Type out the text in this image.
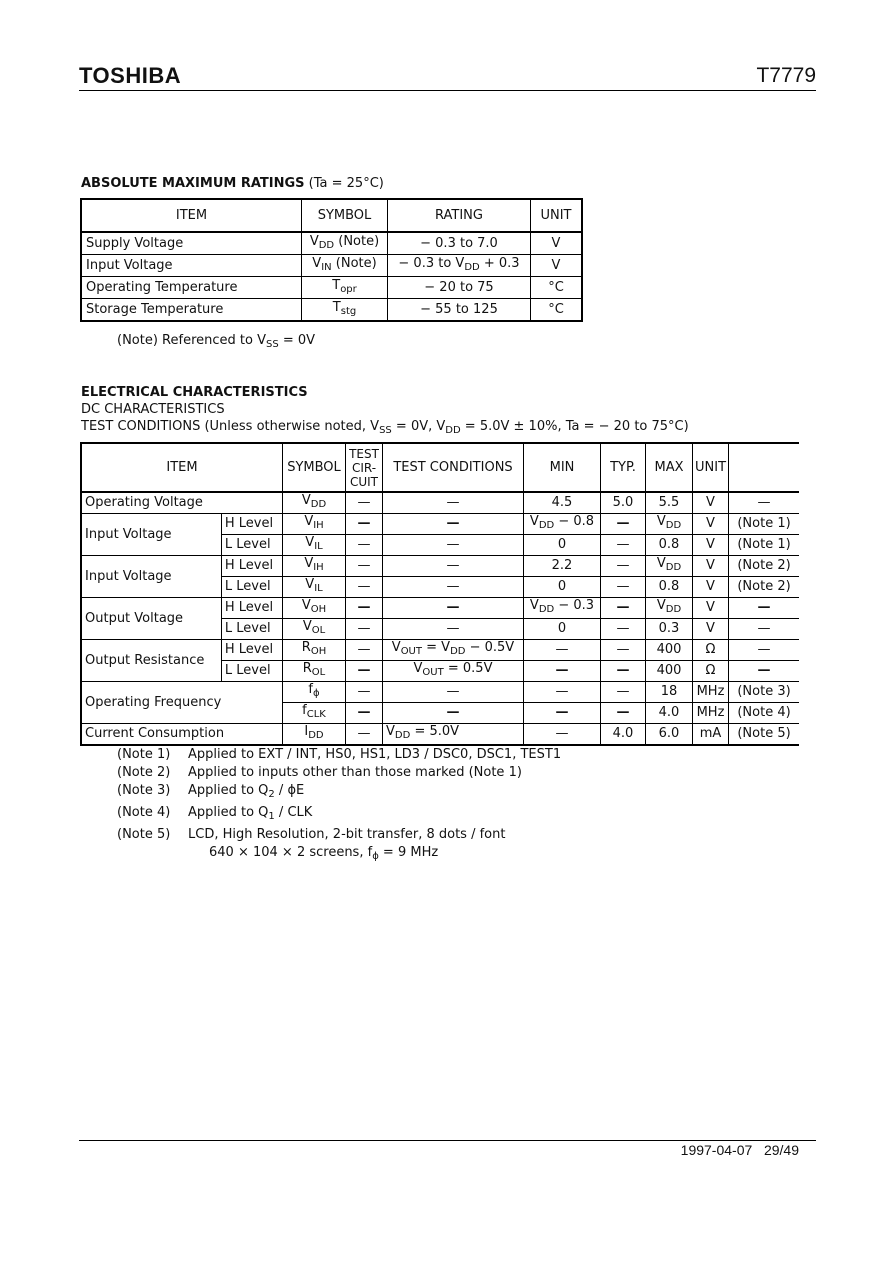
TOSHIBA	T7779
ABSOLUTE MAXIMUM RATINGS (Ta = 25°C)
ITEM	SYMBOL	RATING	UNIT
Supply Voltage	$V_{DD}$ (Note)	− 0.3 to 7.0	V
Input Voltage	$V_{IN}$ (Note)	− 0.3 to $V_{DD} + 0.3$	V
Operating Temperature	$T_{opr}$	− 20 to 75	°C
Storage Temperature	$T_{stg}$	− 55 to 125	°C
(Note) Referenced to $V_{SS} = 0V$
ELECTRICAL CHARACTERISTICS
DC CHARACTERISTICS
TEST CONDITIONS (Unless otherwise noted, $V_{SS} = 0V$, $V_{DD} = 5.0V \pm 10\%$, Ta = − 20 to 75°C)
ITEM		SYMBOL	TEST CIR- CUIT	TEST CONDITIONS	MIN	TYP.	MAX	UNIT	
Operating Voltage		$V_{DD}$	—	—	4.5	5.0	5.5	V	—
Input Voltage	H Level	$V_{IH}$	—	—	$V_{DD} - 0.8$	—	$V_{DD}$	V	(Note 1)
	L Level	$V_{IL}$	—	—	0	—	0.8	V	(Note 1)
Input Voltage	H Level	$V_{IH}$	—	—	2.2	—	$V_{DD}$	V	(Note 2)
	L Level	$V_{IL}$	—	—	0	—	0.8	V	(Note 2)
Output Voltage	H Level	$V_{OH}$	—	—	$V_{DD} - 0.3$	—	$V_{DD}$	V	—
	L Level	$V_{OL}$	—	—	0	—	0.3	V	—
Output Resistance	H Level	$R_{OH}$	—	$V_{OUT} = V_{DD} - 0.5V$	—	—	400	Ω	—
	L Level	$R_{OL}$	—	$V_{OUT} = 0.5V$	—	—	400	Ω	—
Operating Frequency		$f_\phi$	—	—	—	—	18	MHz	(Note 3)
		$f_{CLK}$	—	—	—	—	4.0	MHz	(Note 4)
Current Consumption		$I_{DD}$	—	$V_{DD} = 5.0V$	—	4.0	6.0	mA	(Note 5)
(Note 1) Applied to EXT / INT, HS0, HS1, LD3 / DSC0, DSC1, TEST1
(Note 2) Applied to inputs other than those marked (Note 1)
(Note 3) Applied to $Q_2$ / ϕE
(Note 4) Applied to $Q_1$ / CLK
(Note 5) LCD, High Resolution, 2-bit transfer, 8 dots / font
640 × 104 × 2 screens, $f_\phi = 9$ MHz
1997-04-07 29/49
